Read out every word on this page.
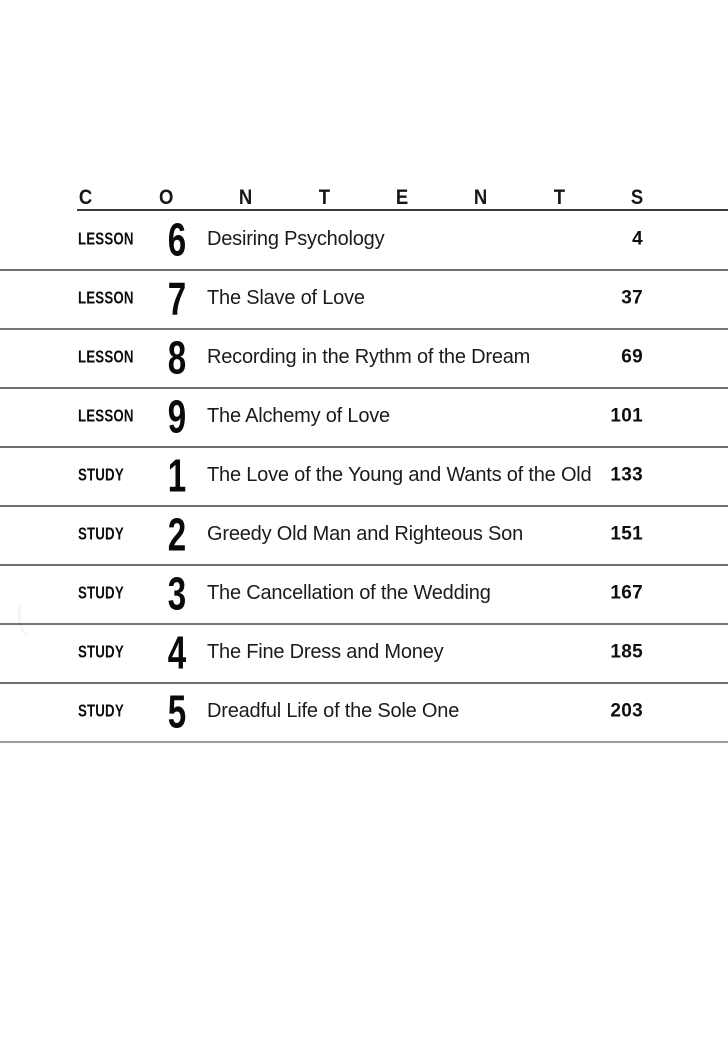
C	O	N	T	E	N	T	S
LESSON 6	Desiring Psychology	4
LESSON 7	The Slave of Love	37
LESSON 8	Recording in the Rythm of the Dream	69
LESSON 9	The Alchemy of Love	101
STUDY 1	The Love of the Young and Wants of the Old 133
STUDY 2	Greedy Old Man and Righteous Son	151
STUDY 3	The Cancellation of the Wedding	167
STUDY 4	The Fine Dress and Money	185
STUDY 5	Dreadful Life of the Sole One	203
